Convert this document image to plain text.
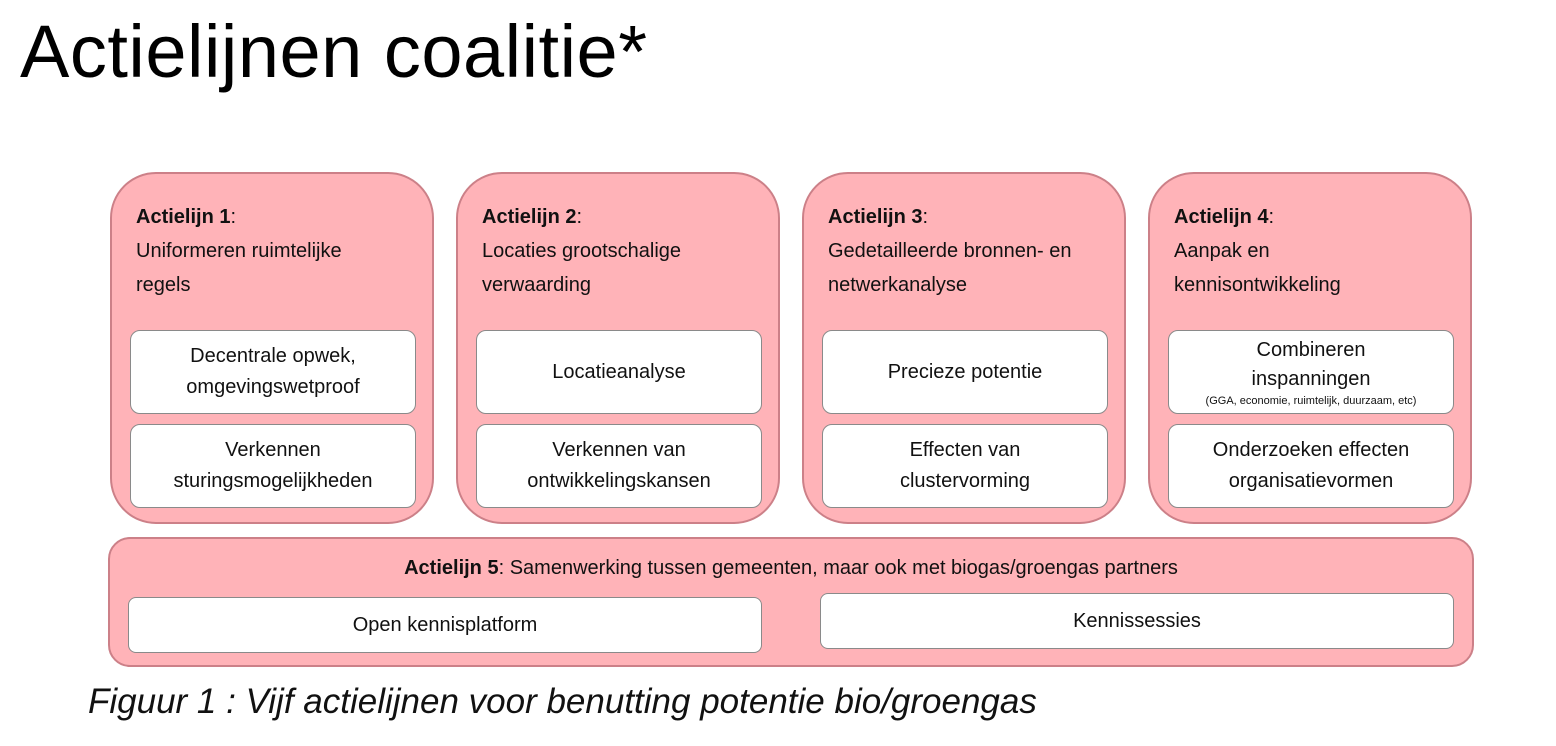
Actielijnen coalitie*
Actielijn 1:
Uniformeren ruimtelijke regels
Decentrale opwek, omgevingswetproof
Verkennen sturingsmogelijkheden
Actielijn 2:
Locaties grootschalige verwaarding
Locatieanalyse
Verkennen van ontwikkelingskansen
Actielijn 3:
Gedetailleerde bronnen- en netwerkanalyse
Precieze potentie
Effecten van clustervorming
Actielijn 4:
Aanpak en kennisontwikkeling
Combineren inspanningen
(GGA, economie, ruimtelijk, duurzaam, etc)
Onderzoeken effecten organisatievormen
Actielijn 5: Samenwerking tussen gemeenten, maar ook met biogas/groengas partners
Open kennisplatform	Kennissessies
Figuur 1 : Vijf actielijnen voor benutting potentie bio/groengas
